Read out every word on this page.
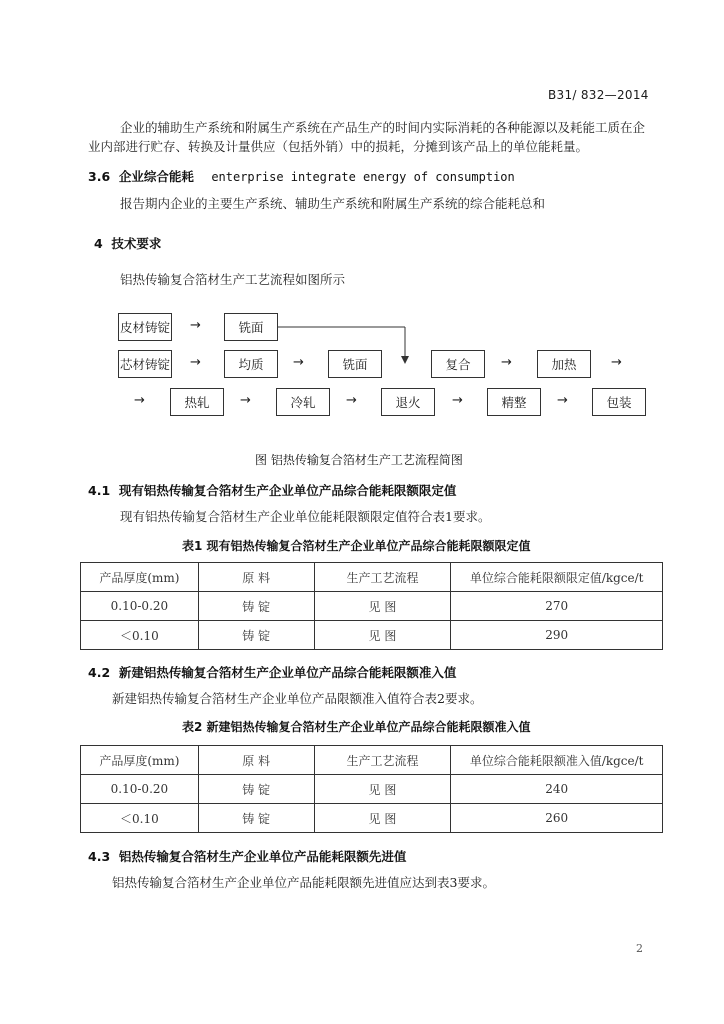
B31/ 832—2014
企业的辅助生产系统和附属生产系统在产品生产的时间内实际消耗的各种能源以及耗能工质在企
业内部进行贮存、转换及计量供应（包括外销）中的损耗，分摊到该产品上的单位能耗量。
3.6 企业综合能耗 enterprise integrate energy of consumption
报告期内企业的主要生产系统、辅助生产系统和附属生产系统的综合能耗总和
4 技术要求
铝热传输复合箔材生产工艺流程如图所示
皮材铸锭 →	铣面
芯材铸锭 →	均质	→	铣面	复合	→	加热	→
→	热轧	→	冷轧	→	退火	→	精整	→	包装
图 铝热传输复合箔材生产工艺流程简图
4.1 现有铝热传输复合箔材生产企业单位产品综合能耗限额限定值
现有铝热传输复合箔材生产企业单位能耗限额限定值符合表1要求。
表1 现有铝热传输复合箔材生产企业单位产品综合能耗限额限定值
产品厚度(mm)	原 料	生产工艺流程	单位综合能耗限额限定值/kgce/t
0.10-0.20	铸 锭	见 图	270
＜0.10	铸 锭	见 图	290
4.2 新建铝热传输复合箔材生产企业单位产品综合能耗限额准入值
新建铝热传输复合箔材生产企业单位产品限额准入值符合表2要求。
表2 新建铝热传输复合箔材生产企业单位产品综合能耗限额准入值
产品厚度(mm)	原 料	生产工艺流程	单位综合能耗限额准入值/kgce/t
0.10-0.20	铸 锭	见 图	240
＜0.10	铸 锭	见 图	260
4.3 铝热传输复合箔材生产企业单位产品能耗限额先进值
铝热传输复合箔材生产企业单位产品能耗限额先进值应达到表3要求。
2
